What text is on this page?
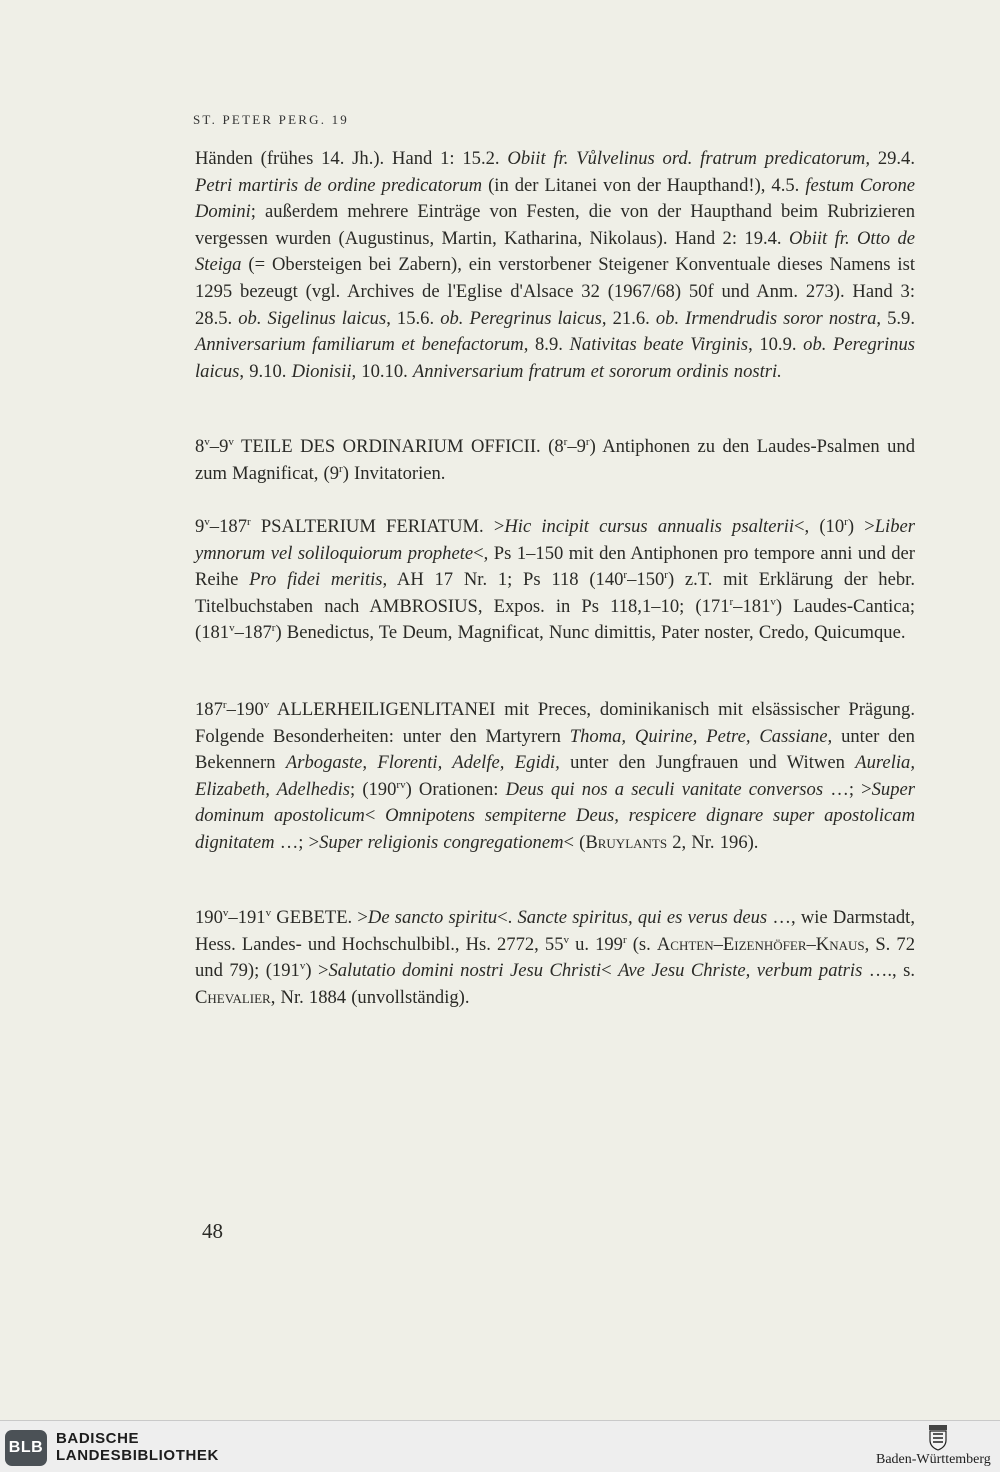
ST. PETER PERG. 19
Händen (frühes 14. Jh.). Hand 1: 15.2. Obiit fr. Vůlvelinus ord. fratrum predicatorum, 29.4. Petri martiris de ordine predicatorum (in der Litanei von der Haupthand!), 4.5. festum Corone Domini; außerdem mehrere Einträge von Festen, die von der Haupthand beim Rubrizieren vergessen wurden (Augustinus, Martin, Katharina, Nikolaus). Hand 2: 19.4. Obiit fr. Otto de Steiga (= Obersteigen bei Zabern), ein verstorbener Steigener Konventuale dieses Namens ist 1295 bezeugt (vgl. Archives de l'Eglise d'Alsace 32 (1967/68) 50f und Anm. 273). Hand 3: 28.5. ob. Sigelinus laicus, 15.6. ob. Peregrinus laicus, 21.6. ob. Irmendrudis soror nostra, 5.9. Anniversarium familiarum et benefactorum, 8.9. Nativitas beate Virginis, 10.9. ob. Peregrinus laicus, 9.10. Dionisii, 10.10. Anniversarium fratrum et sororum ordinis nostri.
8$^v$–9$^v$ TEILE DES ORDINARIUM OFFICII. (8$^r$–9$^r$) Antiphonen zu den Laudes-Psalmen und zum Magnificat, (9$^r$) Invitatorien.
9$^v$–187$^r$ PSALTERIUM FERIATUM. >Hic incipit cursus annualis psalterii<, $(10^r)$ >Liber ymnorum vel soliloquiorum prophete<, Ps 1–150 mit den Antiphonen pro tempore anni und der Reihe Pro fidei meritis, AH 17 Nr. 1; Ps 118 (140$^r$–150$^r$) z.T. mit Erklärung der hebr. Titelbuchstaben nach AMBROSIUS, Expos. in Ps 118,1–10; (171$^r$–181$^v$) Laudes-Cantica; (181$^v$–187$^r$) Benedictus, Te Deum, Magnificat, Nunc dimittis, Pater noster, Credo, Quicumque.
187$^r$–190$^v$ ALLERHEILIGENLITANEI mit Preces, dominikanisch mit elsässischer Prägung. Folgende Besonderheiten: unter den Martyrern Thoma, Quirine, Petre, Cassiane, unter den Bekennern Arbogaste, Florenti, Adelfe, Egidi, unter den Jungfrauen und Witwen Aurelia, Elizabeth, Adelhedis; $(190^{rv})$ Orationen: Deus qui nos a seculi vanitate conversos …; >Super dominum apostolicum< Omnipotens sempiterne Deus, respicere dignare super apostolicam dignitatem …; >Super religionis congregationem< (Bruylants 2, Nr. 196).
190$^v$–191$^v$ GEBETE. >De sancto spiritu<. Sancte spiritus, qui es verus deus …, wie Darmstadt, Hess. Landes- und Hochschulbibl., Hs. 2772, 55$^v$ u. 199$^r$ (s. Achten–Eizenhöfer–Knaus, S. 72 und 79); $(191^v)$ >Salutatio domini nostri Jesu Christi< Ave Jesu Christe, verbum patris …., s. Chevalier, Nr. 1884 (unvollständig).
48
BLB
BADISCHE
LANDESBIBLIOTHEK	Baden-Württemberg
